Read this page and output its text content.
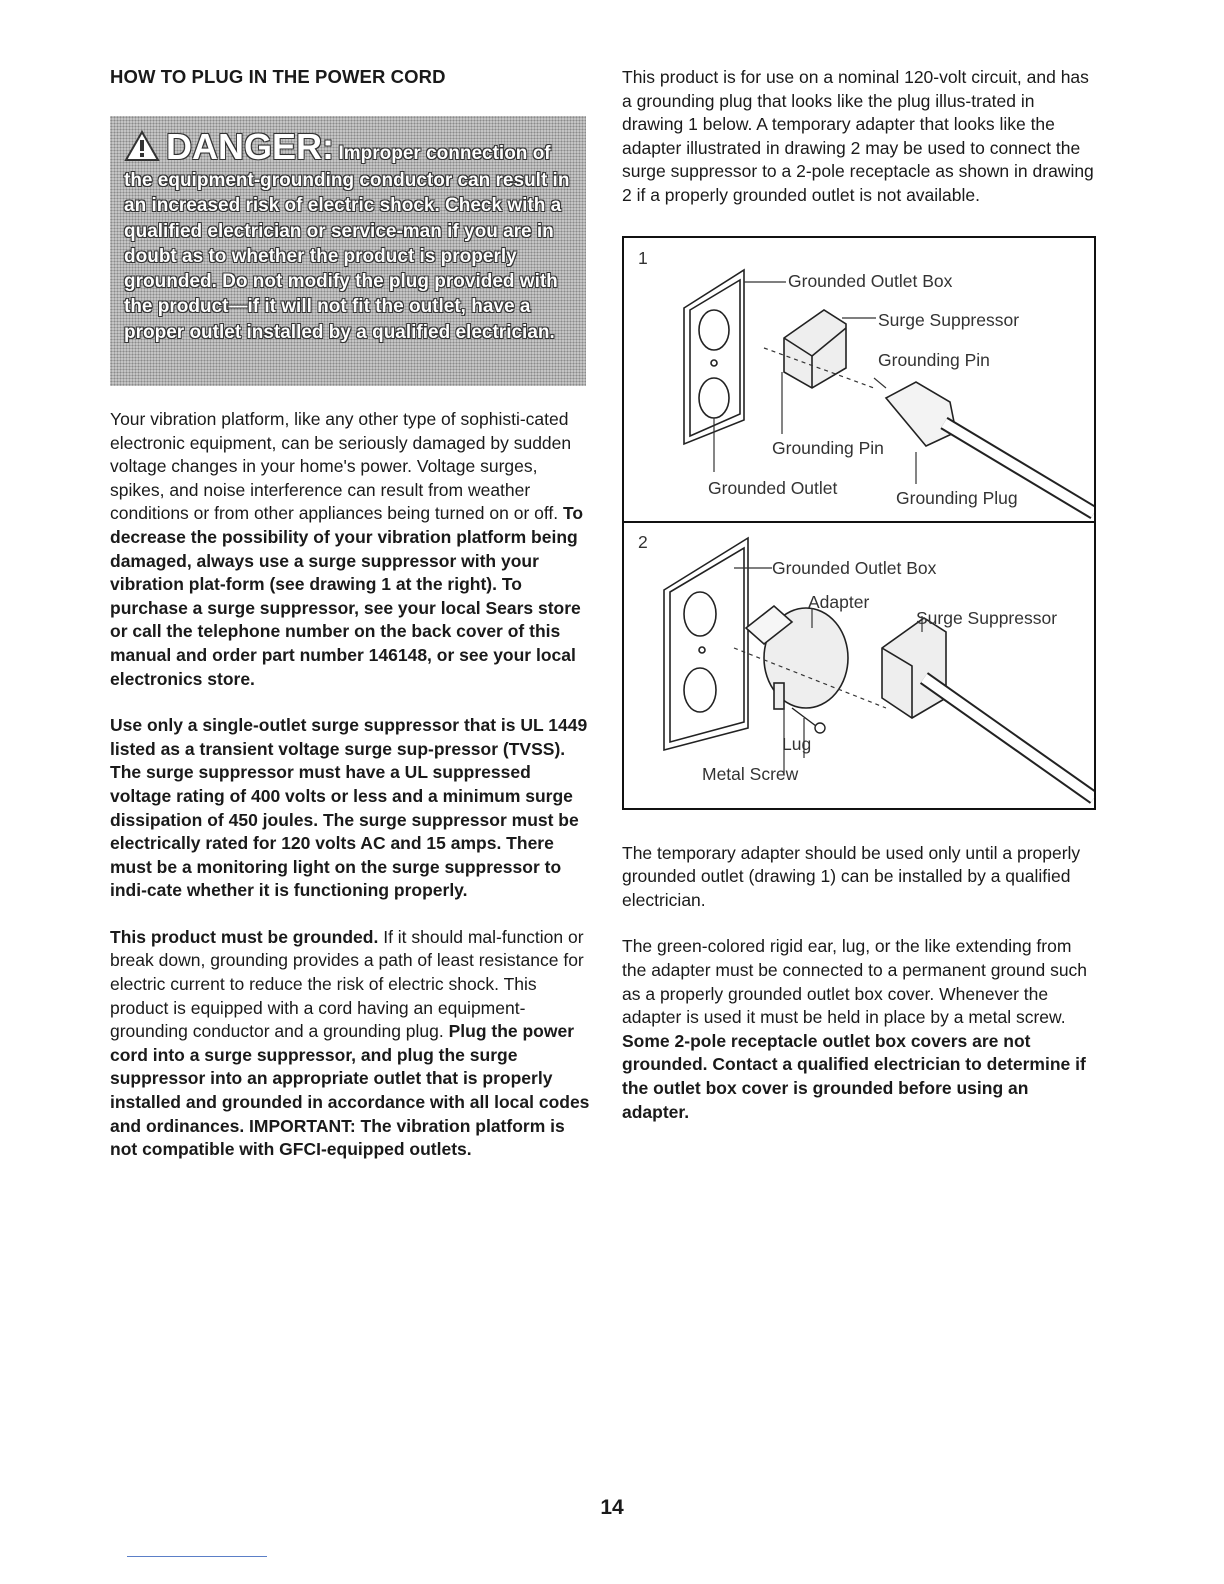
HOW TO PLUG IN THE POWER CORD
DANGER: Improper connection of the equipment-grounding conductor can result in an increased risk of electric shock. Check with a qualified electrician or service-man if you are in doubt as to whether the product is properly grounded. Do not modify the plug provided with the product—if it will not fit the outlet, have a proper outlet installed by a qualified electrician.

Your vibration platform, like any other type of sophisti-cated electronic equipment, can be seriously damaged by sudden voltage changes in your home's power. Voltage surges, spikes, and noise interference can result from weather conditions or from other appliances being turned on or off. To decrease the possibility of your vibration platform being damaged, always use a surge suppressor with your vibration plat-form (see drawing 1 at the right). To purchase a surge suppressor, see your local Sears store or call the telephone number on the back cover of this manual and order part number 146148, or see your local electronics store.

Use only a single-outlet surge suppressor that is UL 1449 listed as a transient voltage surge sup-pressor (TVSS). The surge suppressor must have a UL suppressed voltage rating of 400 volts or less and a minimum surge dissipation of 450 joules. The surge suppressor must be electrically rated for 120 volts AC and 15 amps. There must be a monitoring light on the surge suppressor to indi-cate whether it is functioning properly.

This product must be grounded. If it should mal-function or break down, grounding provides a path of least resistance for electric current to reduce the risk of electric shock. This product is equipped with a cord having an equipment-grounding conductor and a grounding plug. Plug the power cord into a surge suppressor, and plug the surge suppressor into an appropriate outlet that is properly installed and grounded in accordance with all local codes and ordinances. IMPORTANT: The vibration platform is not compatible with GFCI-equipped outlets.

This product is for use on a nominal 120-volt circuit, and has a grounding plug that looks like the plug illus-trated in drawing 1 below. A temporary adapter that looks like the adapter illustrated in drawing 2 may be used to connect the surge suppressor to a 2-pole receptacle as shown in drawing 2 if a properly grounded outlet is not available.

1
Grounded Outlet Box
Surge Suppressor
Grounding Pin
Grounding Pin
Grounded Outlet	Grounding Plug
2
Grounded Outlet Box
Adapter
Surge Suppressor
Lug
Metal Screw

The temporary adapter should be used only until a properly grounded outlet (drawing 1) can be installed by a qualified electrician.

The green-colored rigid ear, lug, or the like extending from the adapter must be connected to a permanent ground such as a properly grounded outlet box cover. Whenever the adapter is used it must be held in place by a metal screw. Some 2-pole receptacle outlet box covers are not grounded. Contact a qualified electrician to determine if the outlet box cover is grounded before using an adapter.

14
